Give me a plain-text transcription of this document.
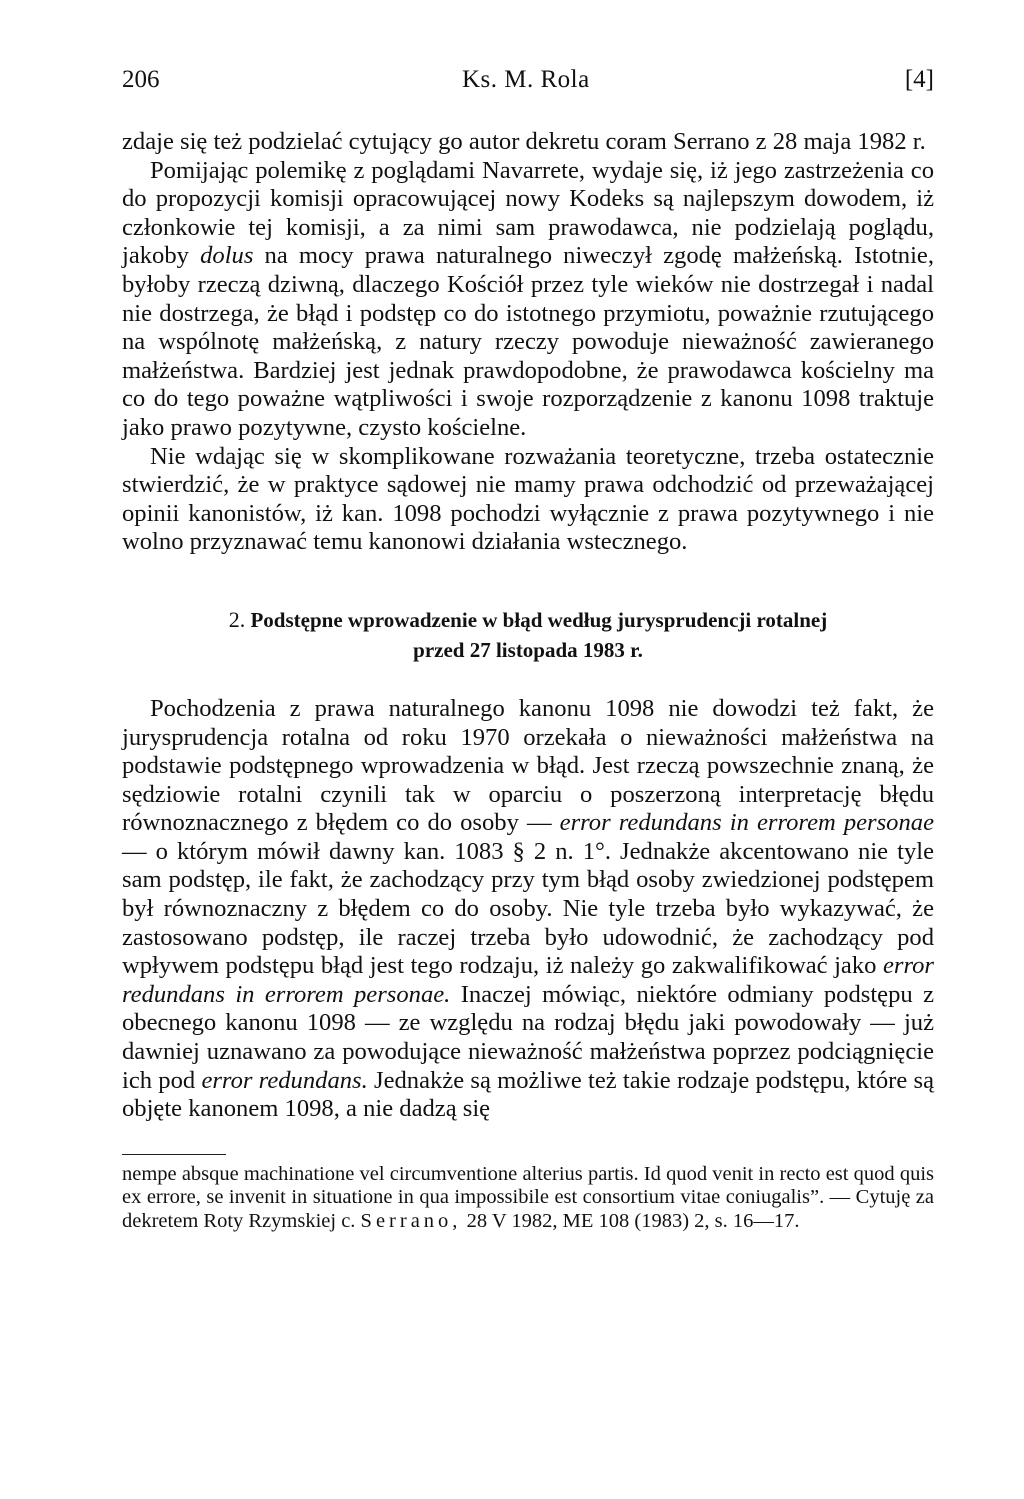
206	Ks. M. Rola	[4]

zdaje się też podzielać cytujący go autor dekretu coram Serrano z 28 maja 1982 r.

Pomijając polemikę z poglądami Navarrete, wydaje się, iż jego zastrzeżenia co do propozycji komisji opracowującej nowy Kodeks są najlepszym dowodem, iż członkowie tej komisji, a za nimi sam prawodawca, nie podzielają poglądu, jakoby dolus na mocy prawa naturalnego niweczył zgodę małżeńską. Istotnie, byłoby rzeczą dziwną, dlaczego Kościół przez tyle wieków nie dostrzegał i nadal nie dostrzega, że błąd i podstęp co do istotnego przymiotu, poważnie rzutującego na wspólnotę małżeńską, z natury rzeczy powoduje nieważność zawieranego małżeństwa. Bardziej jest jednak prawdopodobne, że prawodawca kościelny ma co do tego poważne wątpliwości i swoje rozporządzenie z kanonu 1098 traktuje jako prawo pozytywne, czysto kościelne.

Nie wdając się w skomplikowane rozważania teoretyczne, trzeba ostatecznie stwierdzić, że w praktyce sądowej nie mamy prawa odchodzić od przeważającej opinii kanonistów, iż kan. 1098 pochodzi wyłącznie z prawa pozytywnego i nie wolno przyznawać temu kanonowi działania wstecznego.

2. Podstępne wprowadzenie w błąd według jurysprudencji rotalnej
przed 27 listopada 1983 r.

Pochodzenia z prawa naturalnego kanonu 1098 nie dowodzi też fakt, że jurysprudencja rotalna od roku 1970 orzekała o nieważności małżeństwa na podstawie podstępnego wprowadzenia w błąd. Jest rzeczą powszechnie znaną, że sędziowie rotalni czynili tak w oparciu o poszerzoną interpretację błędu równoznacznego z błędem co do osoby — error redundans in errorem personae — o którym mówił dawny kan. 1083 § 2 n. 1°. Jednakże akcentowano nie tyle sam podstęp, ile fakt, że zachodzący przy tym błąd osoby zwiedzionej podstępem był równoznaczny z błędem co do osoby. Nie tyle trzeba było wykazywać, że zastosowano podstęp, ile raczej trzeba było udowodnić, że zachodzący pod wpływem podstępu błąd jest tego rodzaju, iż należy go zakwalifikować jako error redundans in errorem personae. Inaczej mówiąc, niektóre odmiany podstępu z obecnego kanonu 1098 — ze względu na rodzaj błędu jaki powodowały — już dawniej uznawano za powodujące nieważność małżeństwa poprzez podciągnięcie ich pod error redundans. Jednakże są możliwe też takie rodzaje podstępu, które są objęte kanonem 1098, a nie dadzą się

nempe absque machinatione vel circumventione alterius partis. Id quod venit in recto est quod quis ex errore, se invenit in situatione in qua impossibile est consortium vitae coniugalis”. — Cytuję za dekretem Roty Rzymskiej c. Serrano, 28 V 1982, ME 108 (1983) 2, s. 16—17.
